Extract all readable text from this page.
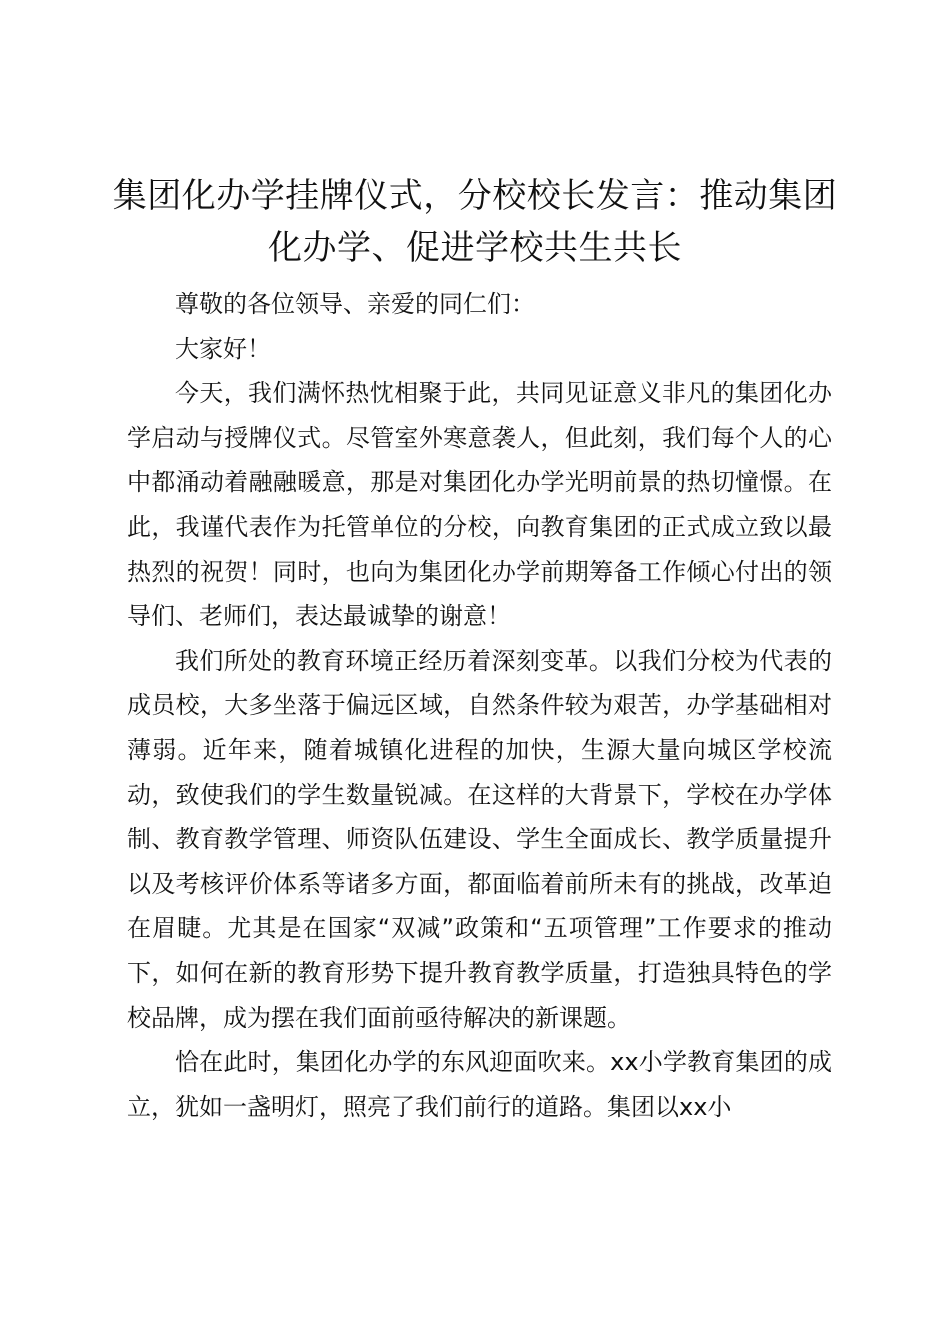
集团化办学挂牌仪式，分校校长发言：推动集团化办学、促进学校共生共长

尊敬的各位领导、亲爱的同仁们：

大家好！

今天，我们满怀热忱相聚于此，共同见证意义非凡的集团化办学启动与授牌仪式。尽管室外寒意袭人，但此刻，我们每个人的心中都涌动着融融暖意，那是对集团化办学光明前景的热切憧憬。在此，我谨代表作为托管单位的分校，向教育集团的正式成立致以最热烈的祝贺！同时，也向为集团化办学前期筹备工作倾心付出的领导们、老师们，表达最诚挚的谢意！

我们所处的教育环境正经历着深刻变革。以我们分校为代表的成员校，大多坐落于偏远区域，自然条件较为艰苦，办学基础相对薄弱。近年来，随着城镇化进程的加快，生源大量向城区学校流动，致使我们的学生数量锐减。在这样的大背景下，学校在办学体制、教育教学管理、师资队伍建设、学生全面成长、教学质量提升以及考核评价体系等诸多方面，都面临着前所未有的挑战，改革迫在眉睫。尤其是在国家“双减”政策和“五项管理”工作要求的推动下，如何在新的教育形势下提升教育教学质量，打造独具特色的学校品牌，成为摆在我们面前亟待解决的新课题。

恰在此时，集团化办学的东风迎面吹来。xx小学教育集团的成立，犹如一盏明灯，照亮了我们前行的道路。集团以xx小
